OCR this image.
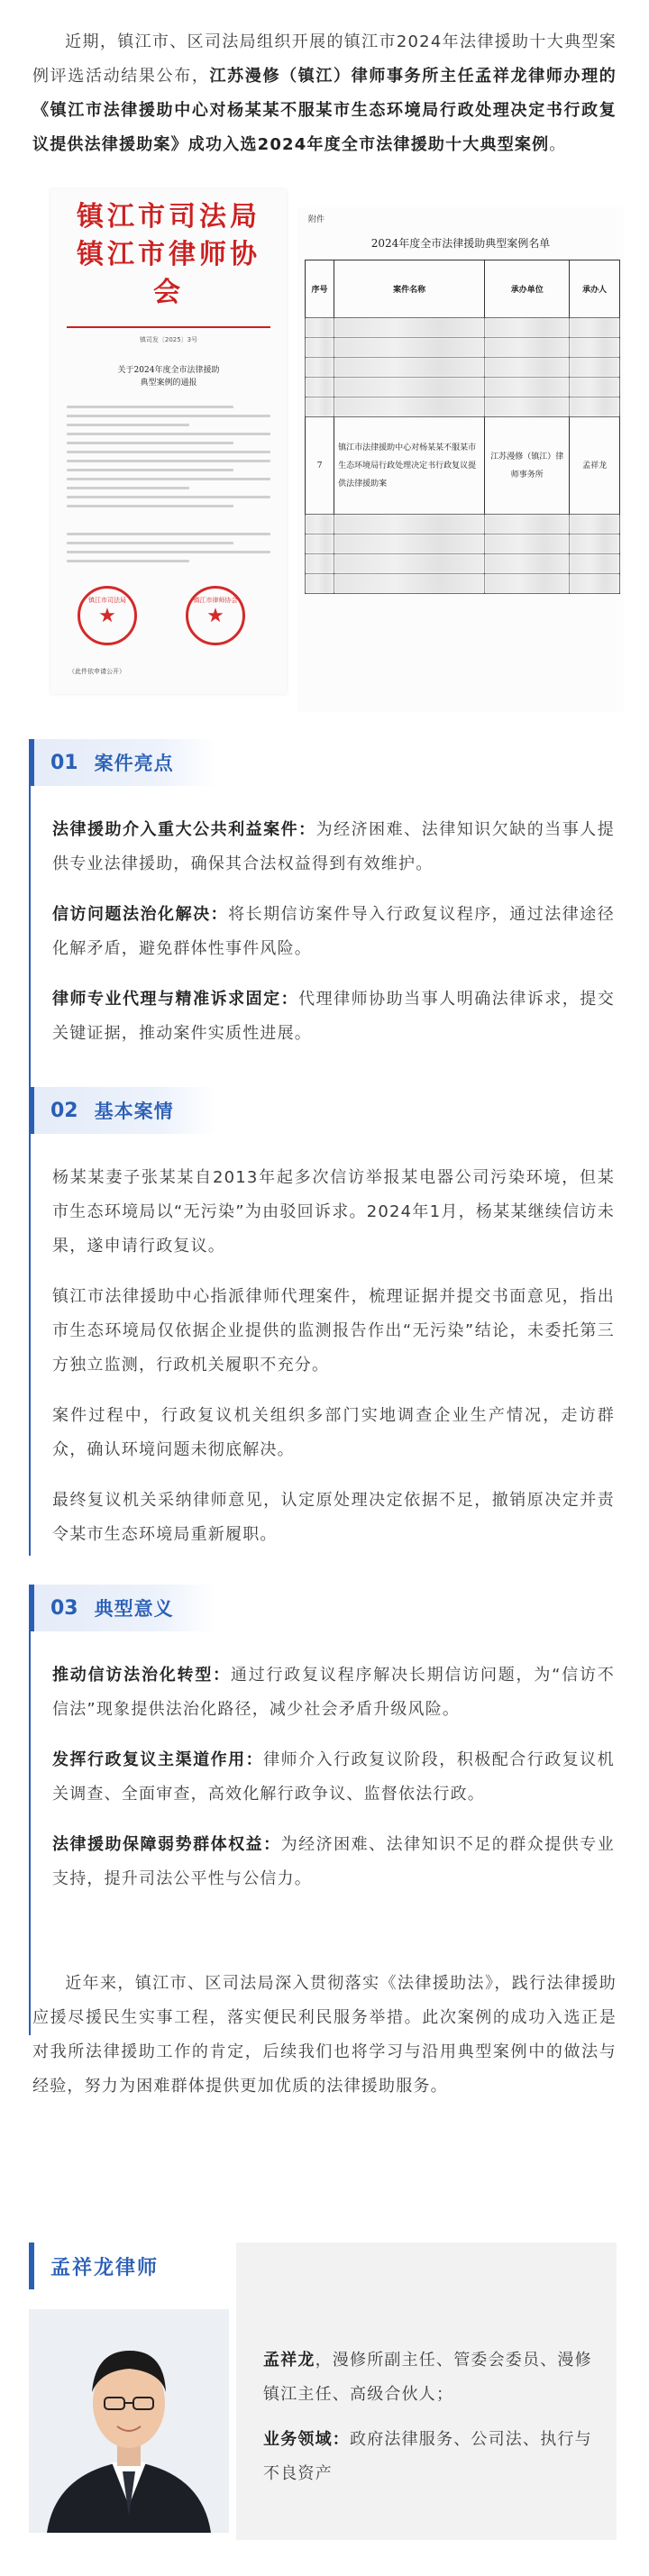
近期，镇江市、区司法局组织开展的镇江市2024年法律援助十大典型案例评选活动结果公布，江苏漫修（镇江）律师事务所主任孟祥龙律师办理的《镇江市法律援助中心对杨某某不服某市生态环境局行政处理决定书行政复议提供法律援助案》成功入选2024年度全市法律援助十大典型案例。
镇江市司法局
镇江市律师协会
镇司发〔2025〕3号
关于2024年度全市法律援助
典型案例的通报
镇江市司法局
★
镇江市律师协会
★
（此件依申请公开）
附件
2024年度全市法律援助典型案例名单
序号	案件名称	承办单位	承办人

7	镇江市法律援助中心对杨某某不服某市生态环境局行政处理决定书行政复议提供法律援助案	江苏漫修（镇江）律师事务所	孟祥龙

01 案件亮点

法律援助介入重大公共利益案件：为经济困难、法律知识欠缺的当事人提供专业法律援助，确保其合法权益得到有效维护。

信访问题法治化解决：将长期信访案件导入行政复议程序，通过法律途径化解矛盾，避免群体性事件风险。

律师专业代理与精准诉求固定：代理律师协助当事人明确法律诉求，提交关键证据，推动案件实质性进展。

02 基本案情

杨某某妻子张某某自2013年起多次信访举报某电器公司污染环境，但某市生态环境局以“无污染”为由驳回诉求。2024年1月，杨某某继续信访未果，遂申请行政复议。

镇江市法律援助中心指派律师代理案件，梳理证据并提交书面意见，指出市生态环境局仅依据企业提供的监测报告作出“无污染”结论，未委托第三方独立监测，行政机关履职不充分。

案件过程中，行政复议机关组织多部门实地调查企业生产情况，走访群众，确认环境问题未彻底解决。

最终复议机关采纳律师意见，认定原处理决定依据不足，撤销原决定并责令某市生态环境局重新履职。

03 典型意义

推动信访法治化转型：通过行政复议程序解决长期信访问题，为“信访不信法”现象提供法治化路径，减少社会矛盾升级风险。

发挥行政复议主渠道作用：律师介入行政复议阶段，积极配合行政复议机关调查、全面审查，高效化解行政争议、监督依法行政。

法律援助保障弱势群体权益：为经济困难、法律知识不足的群众提供专业支持，提升司法公平性与公信力。

近年来，镇江市、区司法局深入贯彻落实《法律援助法》，践行法律援助应援尽援民生实事工程，落实便民利民服务举措。此次案例的成功入选正是对我所法律援助工作的肯定，后续我们也将学习与沿用典型案例中的做法与经验，努力为困难群体提供更加优质的法律援助服务。
孟祥龙律师

孟祥龙，漫修所副主任、管委会委员、漫修镇江主任、高级合伙人；

业务领域：政府法律服务、公司法、执行与不良资产
